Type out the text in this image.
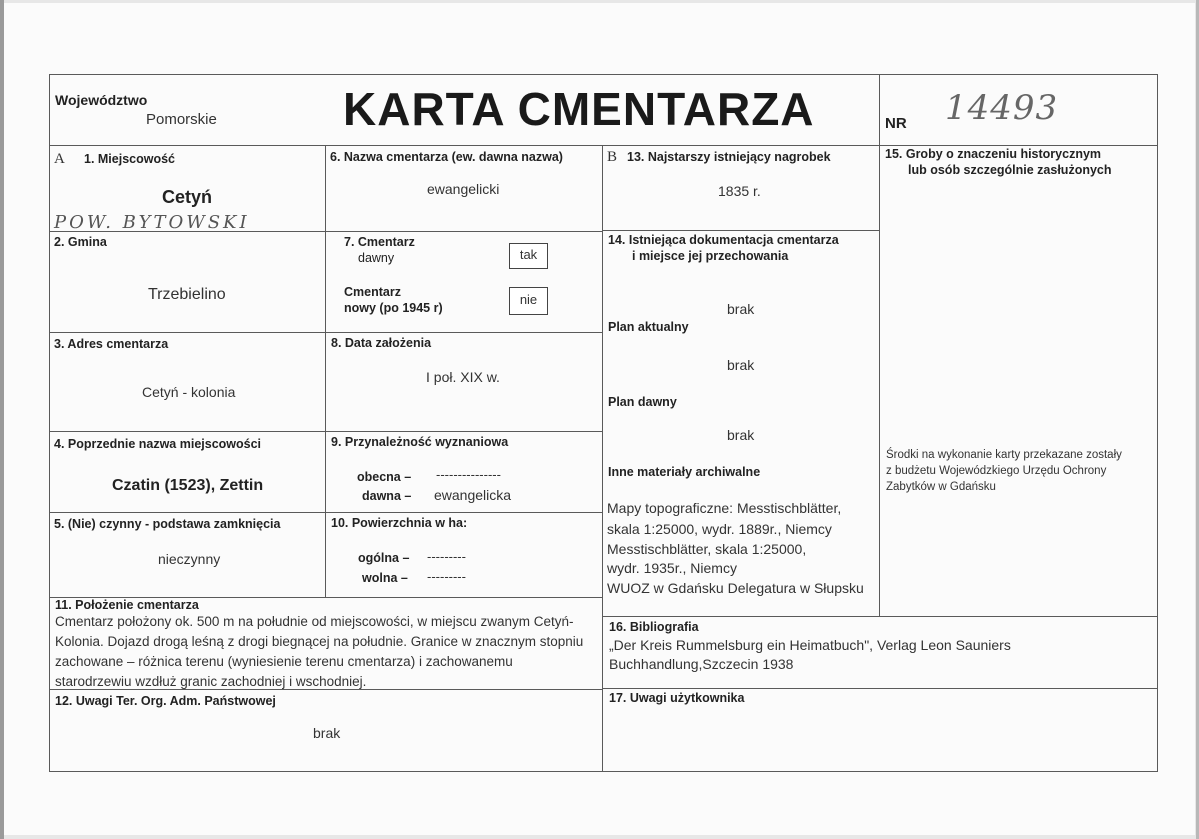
Województwo
Pomorskie	KARTA CMENTARZA	NR 14493
A 1. Miejscowość
Cetyń
POW. BYTOWSKI
2. Gmina
Trzebielino
3. Adres cmentarza
Cetyń - kolonia
4. Poprzednie nazwa miejscowości
Czatin (1523), Zettin
5. (Nie) czynny - podstawa zamknięcia
nieczynny
6. Nazwa cmentarza (ew. dawna nazwa)
ewangelicki
7. Cmentarz
dawny	tak
Cmentarz
nowy (po 1945 r)
nie
8. Data założenia
I poł. XIX w.
9. Przynależność wyznaniowa
obecna – ---------------
dawna – ewangelicka
10. Powierzchnia w ha:
ogólna – ---------
wolna – ---------
11. Położenie cmentarza
Cmentarz położony ok. 500 m na południe od miejscowości, w miejscu zwanym Cetyń-
Kolonia. Dojazd drogą leśną z drogi biegnącej na południe. Granice w znacznym stopniu
zachowane – różnica terenu (wyniesienie terenu cmentarza) i zachowanemu
starodrzewiu wzdłuż granic zachodniej i wschodniej.
12. Uwagi Ter. Org. Adm. Państwowej
brak
B 13. Najstarszy istniejący nagrobek
1835 r.
14. Istniejąca dokumentacja cmentarza
i miejsce jej przechowania
brak
Plan aktualny
brak
Plan dawny
brak
Inne materiały archiwalne
Mapy topograficzne: Messtischblätter,
skala 1:25000, wydr. 1889r., Niemcy
Messtischblätter, skala 1:25000,
wydr. 1935r., Niemcy
WUOZ w Gdańsku Delegatura w Słupsku
15. Groby o znaczeniu historycznym
lub osób szczególnie zasłużonych
Środki na wykonanie karty przekazane zostały
z budżetu Wojewódzkiego Urzędu Ochrony
Zabytków w Gdańsku
16. Bibliografia
„Der Kreis Rummelsburg ein Heimatbuch", Verlag Leon Sauniers
Buchhandlung,Szczecin 1938
17. Uwagi użytkownika
